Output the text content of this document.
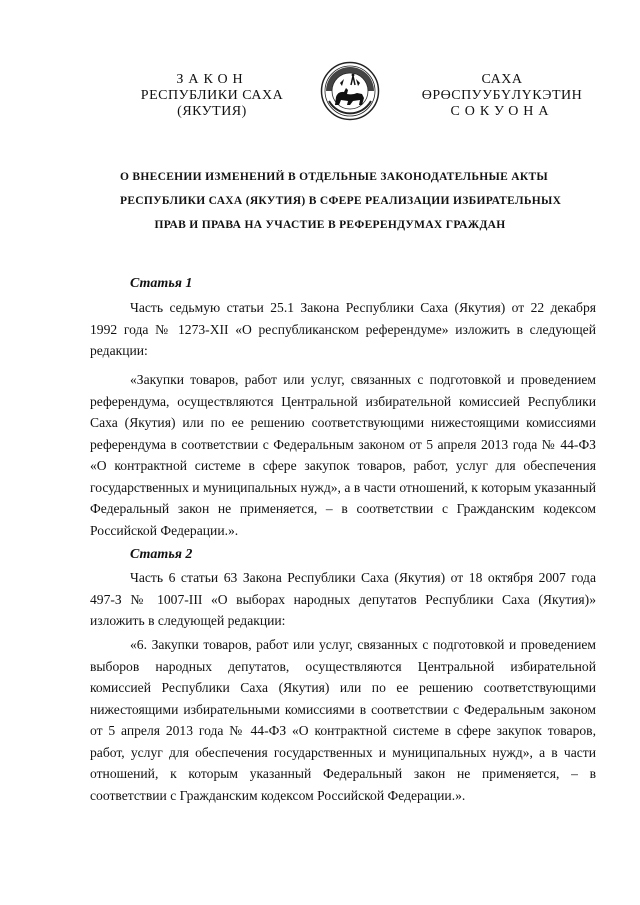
ЗАКОН
РЕСПУБЛИКИ САХА (ЯКУТИЯ)
САХА ӨРӨСПУУБҮЛҮКЭТИН
СОКУОНА
О ВНЕСЕНИИ ИЗМЕНЕНИЙ В ОТДЕЛЬНЫЕ ЗАКОНОДАТЕЛЬНЫЕ АКТЫ
РЕСПУБЛИКИ САХА (ЯКУТИЯ) В СФЕРЕ РЕАЛИЗАЦИИ ИЗБИРАТЕЛЬНЫХ
ПРАВ И ПРАВА НА УЧАСТИЕ В РЕФЕРЕНДУМАХ ГРАЖДАН
Статья 1

Часть седьмую статьи 25.1 Закона Республики Саха (Якутия) от 22 декабря 1992 года № 1273-XII «О республиканском референдуме» изложить в следующей редакции:

«Закупки товаров, работ или услуг, связанных с подготовкой и проведением референдума, осуществляются Центральной избирательной комиссией Республики Саха (Якутия) или по ее решению соответствующими нижестоящими комиссиями референдума в соответствии с Федеральным законом от 5 апреля 2013 года № 44-ФЗ «О контрактной системе в сфере закупок товаров, работ, услуг для обеспечения государственных и муниципальных нужд», а в части отношений, к которым указанный Федеральный закон не применяется, – в соответствии с Гражданским кодексом Российской Федерации.».

Статья 2

Часть 6 статьи 63 Закона Республики Саха (Якутия) от 18 октября 2007 года 497-З № 1007-III «О выборах народных депутатов Республики Саха (Якутия)» изложить в следующей редакции:

«6. Закупки товаров, работ или услуг, связанных с подготовкой и проведением выборов народных депутатов, осуществляются Центральной избирательной комиссией Республики Саха (Якутия) или по ее решению соответствующими нижестоящими избирательными комиссиями в соответствии с Федеральным законом от 5 апреля 2013 года № 44-ФЗ «О контрактной системе в сфере закупок товаров, работ, услуг для обеспечения государственных и муниципальных нужд», а в части отношений, к которым указанный Федеральный закон не применяется, – в соответствии с Гражданским кодексом Российской Федерации.».
